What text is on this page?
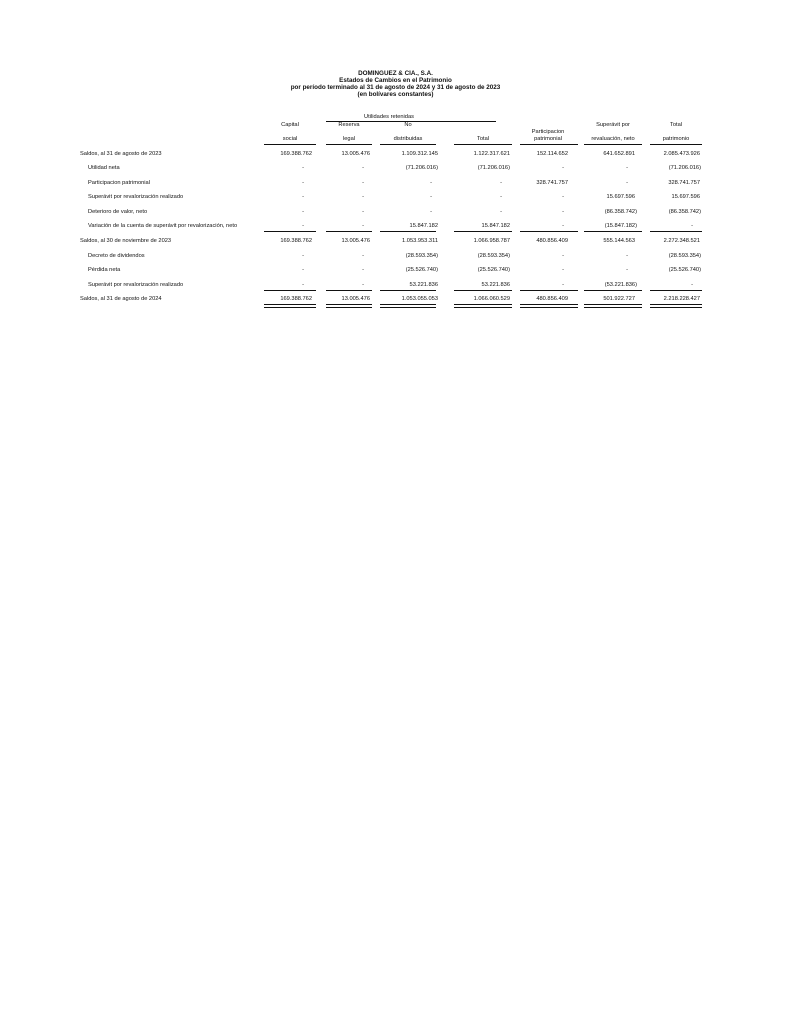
DOMINGUEZ & CIA., S.A.
Estados de Cambios en el Patrimonio
por período terminado al 31 de agosto de 2024 y 31 de agosto de 2023
(en bolívares constantes)
Utilidades retenidas
Capital
social
Reserva
legal
No
distribuidas	Total
Participacion
patrimonial
Superávit por
revaluación, neto
Total
patrimonio
Saldos, al 31 de agosto de 2023	169.388.762	13.005.476	1.109.312.145	1.122.317.621	152.114.652	641.652.891	2.085.473.926
Utilidad neta	-	-	(71.206.016)	(71.206.016)	-	-	(71.206.016)
Participacion patrimonial	-	-	-	-	328.741.757	-	328.741.757
Superávit por revalorización realizado	-	-	-	-	-	15.697.596	15.697.596
Deterioro de valor, neto	-	-	-	-	-	(86.358.742)	(86.358.742)
Variación de la cuenta de superávit por revalorización, neto	-	-	15.847.182	15.847.182	-	(15.847.182)	-
Saldos, al 30 de noviembre de 2023	169.388.762	13.005.476	1.053.953.311	1.066.958.787	480.856.409	555.144.563	2.272.348.521
Decreto de dividendos	-	-	(28.593.354)	(28.593.354)	-	-	(28.593.354)
Pérdida neta	-	-	(25.526.740)	(25.526.740)	-	-	(25.526.740)
Superávit por revalorización realizado	-	-	53.221.836	53.221.836	-	(53.221.836)	-
Saldos, al 31 de agosto de 2024	169.388.762	13.005.476	1.053.055.053	1.066.060.529	480.856.409	501.922.727	2.218.228.427
